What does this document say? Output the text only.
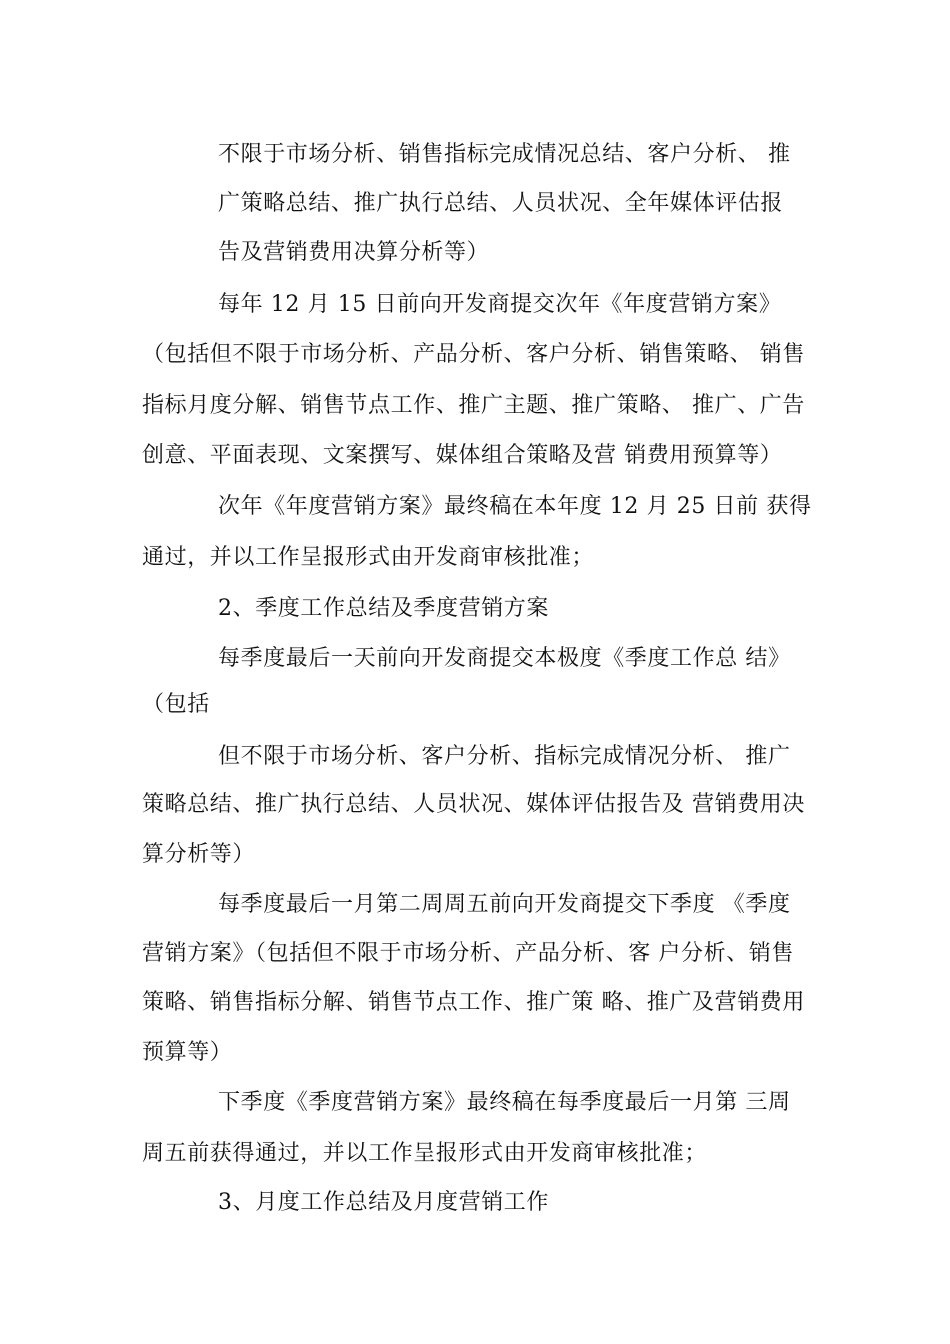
不限于市场分析、销售指标完成情况总结、客户分析、 推
广策略总结、推广执行总结、人员状况、全年媒体评估报
告及营销费用决算分析等）
每年 12 月 15 日前向开发商提交次年《年度营销方案》
（包括但不限于市场分析、产品分析、客户分析、销售策略、 销售
指标月度分解、销售节点工作、推广主题、推广策略、 推广、广告
创意、平面表现、文案撰写、媒体组合策略及营 销费用预算等）
次年《年度营销方案》最终稿在本年度 12 月 25 日前 获得
通过，并以工作呈报形式由开发商审核批准；
2、季度工作总结及季度营销方案
每季度最后一天前向开发商提交本极度《季度工作总 结》
（包括
但不限于市场分析、客户分析、指标完成情况分析、 推广
策略总结、推广执行总结、人员状况、媒体评估报告及 营销费用决
算分析等）
每季度最后一月第二周周五前向开发商提交下季度 《季度
营销方案》（包括但不限于市场分析、产品分析、客 户分析、销售
策略、销售指标分解、销售节点工作、推广策 略、推广及营销费用
预算等）
下季度《季度营销方案》最终稿在每季度最后一月第 三周
周五前获得通过，并以工作呈报形式由开发商审核批准；
3、月度工作总结及月度营销工作
